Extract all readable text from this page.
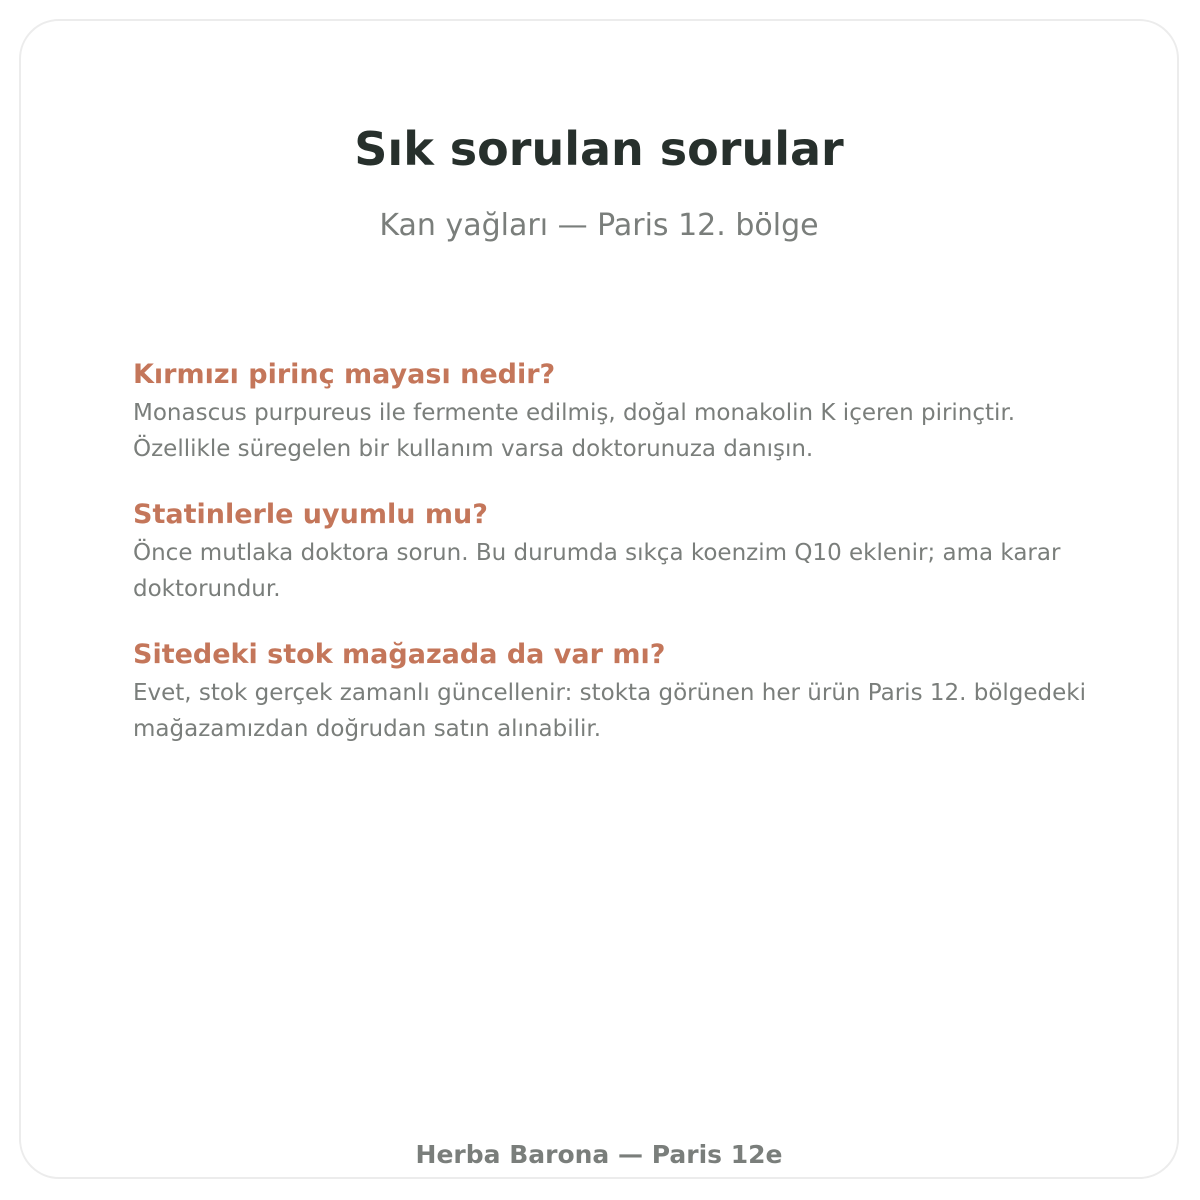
Sık sorulan sorular

Kan yağları — Paris 12. bölge

Kırmızı pirinç mayası nedir?

Monascus purpureus ile fermente edilmiş, doğal monakolin K içeren pirinçtir. Özellikle süregelen bir kullanım varsa doktorunuza danışın.

Statinlerle uyumlu mu?

Önce mutlaka doktora sorun. Bu durumda sıkça koenzim Q10 eklenir; ama karar doktorundur.

Sitedeki stok mağazada da var mı?

Evet, stok gerçek zamanlı güncellenir: stokta görünen her ürün Paris 12. bölgedeki mağazamızdan doğrudan satın alınabilir.

Herba Barona — Paris 12e
